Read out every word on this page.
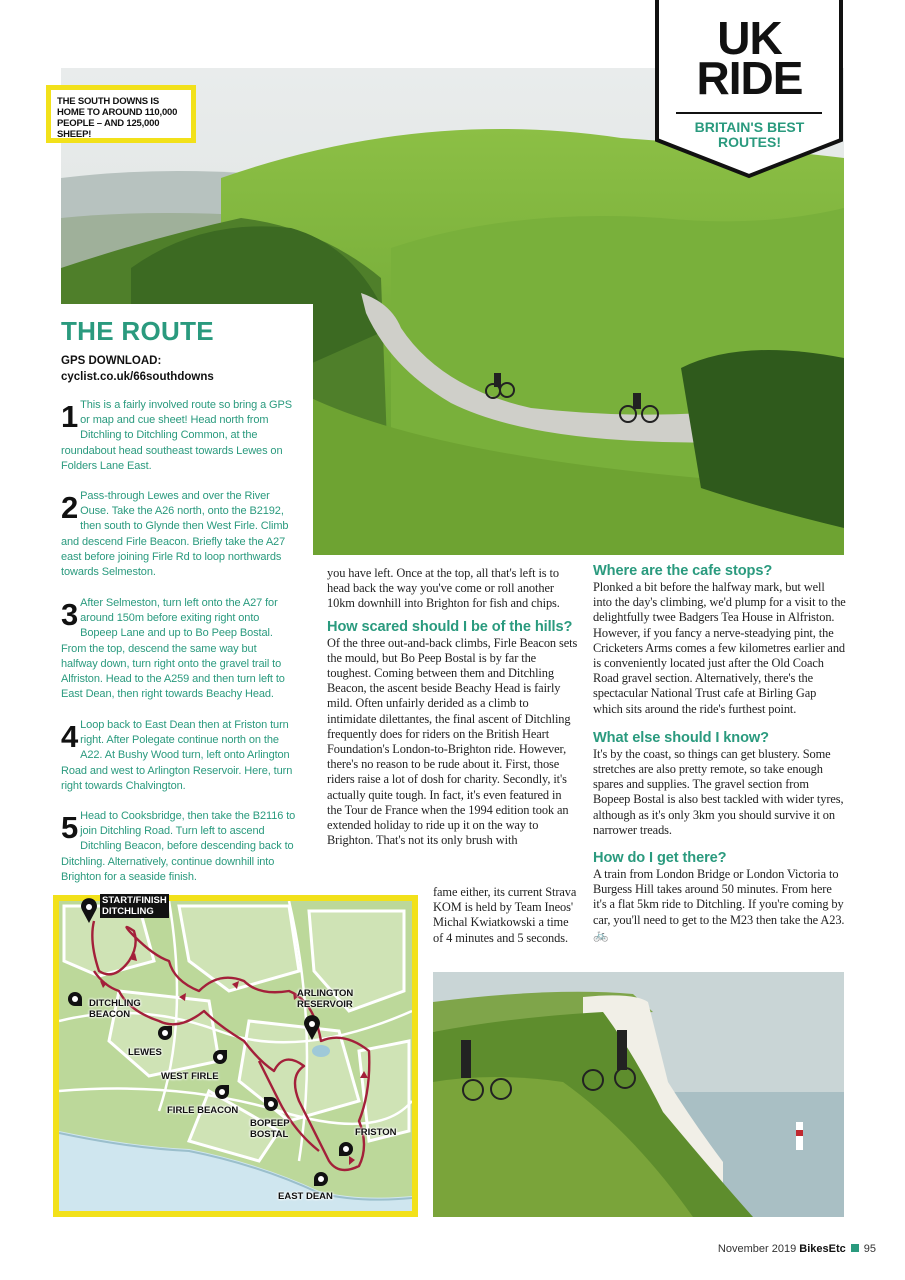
THE SOUTH DOWNS IS HOME TO AROUND 110,000 PEOPLE – AND 125,000 SHEEP!
UK
RIDE
BRITAIN'S BEST
ROUTES!
THE ROUTE
GPS DOWNLOAD:
cyclist.co.uk/66southdowns
1 This is a fairly involved route so bring a GPS or map and cue sheet! Head north from Ditchling to Ditchling Common, at the roundabout head southeast towards Lewes on Folders Lane East.
2 Pass-through Lewes and over the River Ouse. Take the A26 north, onto the B2192, then south to Glynde then West Firle. Climb and descend Firle Beacon. Briefly take the A27 east before joining Firle Rd to loop northwards towards Selmeston.
3 After Selmeston, turn left onto the A27 for around 150m before exiting right onto Bopeep Lane and up to Bo Peep Bostal. From the top, descend the same way but halfway down, turn right onto the gravel trail to Alfriston. Head to the A259 and then turn left to East Dean, then right towards Beachy Head.
4 Loop back to East Dean then at Friston turn right. After Polegate continue north on the A22. At Bushy Wood turn, left onto Arlington Road and west to Arlington Reservoir. Here, turn right towards Chalvington.
5 Head to Cooksbridge, then take the B2116 to join Ditchling Road. Turn left to ascend Ditchling Beacon, before descending back to Ditchling. Alternatively, continue downhill into Brighton for a seaside finish.

you have left. Once at the top, all that's left is to head back the way you've come or roll another 10km downhill into Brighton for fish and chips.

How scared should I be of the hills?

Of the three out-and-back climbs, Firle Beacon sets the mould, but Bo Peep Bostal is by far the toughest. Coming between them and Ditchling Beacon, the ascent beside Beachy Head is fairly mild. Often unfairly derided as a climb to intimidate dilettantes, the final ascent of Ditchling frequently does for riders on the British Heart Foundation's London-to-Brighton ride. However, there's no reason to be rude about it. First, those riders raise a lot of dosh for charity. Secondly, it's actually quite tough. In fact, it's even featured in the Tour de France when the 1994 edition took an extended holiday to ride up it on the way to Brighton. That's not its only brush with

fame either, its current Strava KOM is held by Team Ineos' Michal Kwiatkowski a time of 4 minutes and 5 seconds.

Where are the cafe stops?

Plonked a bit before the halfway mark, but well into the day's climbing, we'd plump for a visit to the delightfully twee Badgers Tea House in Alfriston. However, if you fancy a nerve-steadying pint, the Cricketers Arms comes a few kilometres earlier and is conveniently located just after the Old Coach Road gravel section. Alternatively, there's the spectacular National Trust cafe at Birling Gap which sits around the ride's furthest point.

What else should I know?

It's by the coast, so things can get blustery. Some stretches are also pretty remote, so take enough spares and supplies. The gravel section from Bopeep Bostal is also best tackled with wider tyres, although as it's only 3km you should survive it on narrower treads.

How do I get there?

A train from London Bridge or London Victoria to Burgess Hill takes around 50 minutes. From here it's a flat 5km ride to Ditchling. If you're coming by car, you'll need to get to the M23 then take the A23. 🚲

START/FINISH
DITCHLING
DITCHLING
BEACON
LEWES
WEST FIRLE
FIRLE BEACON
BOPEEP
BOSTAL
ARLINGTON
RESERVOIR
FRISTON
EAST DEAN
November 2019 BikesEtc 95
